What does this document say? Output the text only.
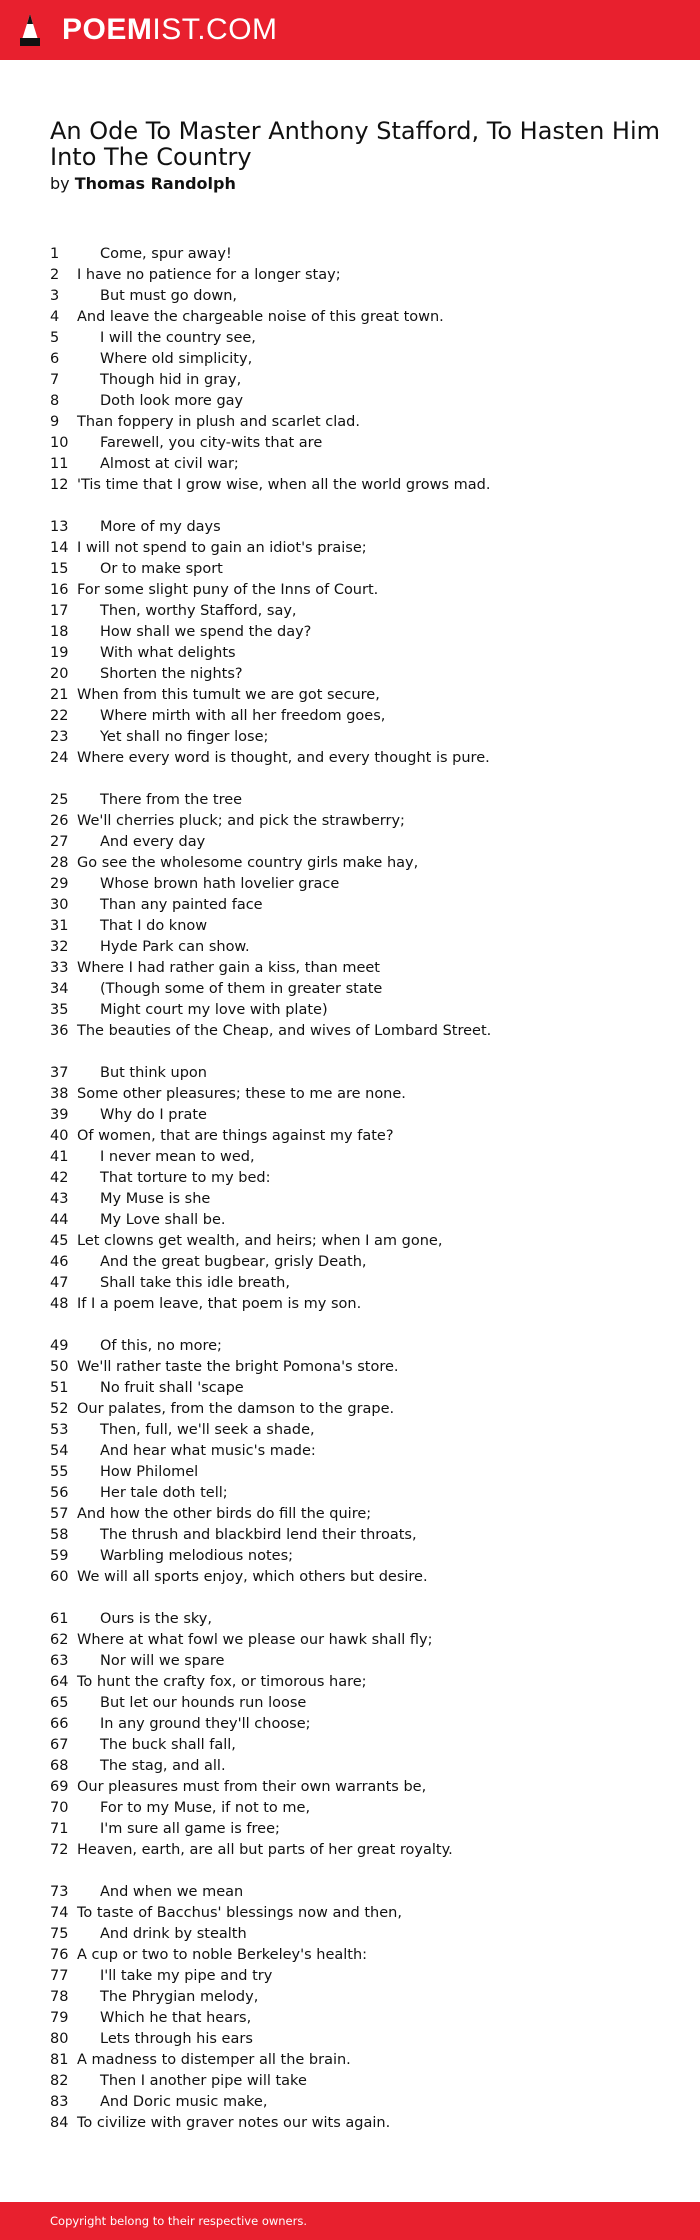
POEMIST.COM
An Ode To Master Anthony Stafford, To Hasten Him Into The Country
by Thomas Randolph
1	Come, spur away!
2	I have no patience for a longer stay;
3	But must go down,
4	And leave the chargeable noise of this great town.
5	I will the country see,
6	Where old simplicity,
7	Though hid in gray,
8	Doth look more gay
9	Than foppery in plush and scarlet clad.
10	Farewell, you city-wits that are
11	Almost at civil war;
12 'Tis time that I grow wise, when all the world grows mad.
13	More of my days
14 I will not spend to gain an idiot's praise;
15	Or to make sport
16 For some slight puny of the Inns of Court.
17	Then, worthy Stafford, say,
18	How shall we spend the day?
19	With what delights
20	Shorten the nights?
21 When from this tumult we are got secure,
22	Where mirth with all her freedom goes,
23	Yet shall no finger lose;
24 Where every word is thought, and every thought is pure.
25	There from the tree
26 We'll cherries pluck; and pick the strawberry;
27	And every day
28 Go see the wholesome country girls make hay,
29	Whose brown hath lovelier grace
30	Than any painted face
31	That I do know
32	Hyde Park can show.
33 Where I had rather gain a kiss, than meet
34	(Though some of them in greater state
35	Might court my love with plate)
36 The beauties of the Cheap, and wives of Lombard Street.
37	But think upon
38 Some other pleasures; these to me are none.
39	Why do I prate
40 Of women, that are things against my fate?
41	I never mean to wed,
42	That torture to my bed:
43	My Muse is she
44	My Love shall be.
45 Let clowns get wealth, and heirs; when I am gone,
46	And the great bugbear, grisly Death,
47	Shall take this idle breath,
48 If I a poem leave, that poem is my son.
49	Of this, no more;
50 We'll rather taste the bright Pomona's store.
51	No fruit shall 'scape
52 Our palates, from the damson to the grape.
53	Then, full, we'll seek a shade,
54	And hear what music's made:
55	How Philomel
56	Her tale doth tell;
57 And how the other birds do fill the quire;
58	The thrush and blackbird lend their throats,
59	Warbling melodious notes;
60 We will all sports enjoy, which others but desire.
61	Ours is the sky,
62 Where at what fowl we please our hawk shall fly;
63	Nor will we spare
64 To hunt the crafty fox, or timorous hare;
65	But let our hounds run loose
66	In any ground they'll choose;
67	The buck shall fall,
68	The stag, and all.
69 Our pleasures must from their own warrants be,
70	For to my Muse, if not to me,
71	I'm sure all game is free;
72 Heaven, earth, are all but parts of her great royalty.
73	And when we mean
74 To taste of Bacchus' blessings now and then,
75	And drink by stealth
76 A cup or two to noble Berkeley's health:
77	I'll take my pipe and try
78	The Phrygian melody,
79	Which he that hears,
80	Lets through his ears
81 A madness to distemper all the brain.
82	Then I another pipe will take
83	And Doric music make,
84 To civilize with graver notes our wits again.
Copyright belong to their respective owners.
